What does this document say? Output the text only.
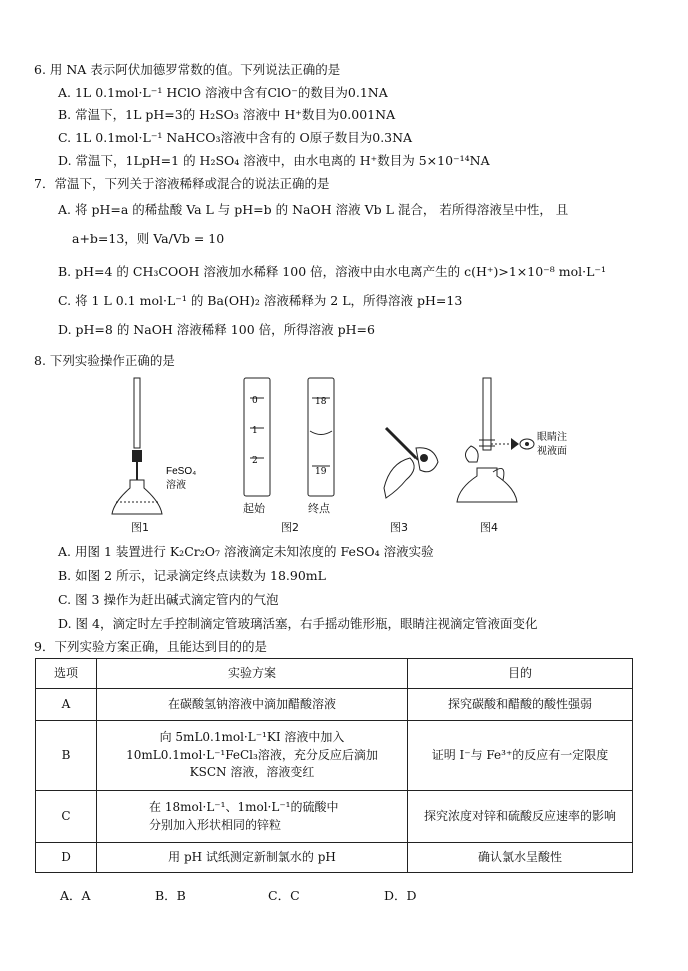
6. 用 NA 表示阿伏加德罗常数的值。下列说法正确的是
A. 1L 0.1mol·L⁻¹ HClO 溶液中含有ClO⁻的数目为0.1NA
B. 常温下，1L pH=3的 H₂SO₃ 溶液中 H⁺数目为0.001NA
C. 1L 0.1mol·L⁻¹ NaHCO₃溶液中含有的 O原子数目为0.3NA
D. 常温下，1LpH=1 的 H₂SO₄ 溶液中，由水电离的 H⁺数目为 5×10⁻¹⁴NA
7．常温下，下列关于溶液稀释或混合的说法正确的是
A. 将 pH=a 的稀盐酸 Va L 与 pH=b 的 NaOH 溶液 Vb L 混合， 若所得溶液呈中性， 且
a+b=13，则 Va/Vb = 10
B. pH=4 的 CH₃COOH 溶液加水稀释 100 倍，溶液中由水电离产生的 c(H⁺)>1×10⁻⁸ mol·L⁻¹
C. 将 1 L 0.1 mol·L⁻¹ 的 Ba(OH)₂ 溶液稀释为 2 L，所得溶液 pH=13
D. pH=8 的 NaOH 溶液稀释 100 倍，所得溶液 pH=6
8. 下列实验操作正确的是
FeSO₄
溶液
0
1
2
18
19
起始	终点
眼睛注
视液面
图1	图2	图3	图4
A. 用图 1 装置进行 K₂Cr₂O₇ 溶液滴定未知浓度的 FeSO₄ 溶液实验
B. 如图 2 所示，记录滴定终点读数为 18.90mL
C. 图 3 操作为赶出碱式滴定管内的气泡
D. 图 4，滴定时左手控制滴定管玻璃活塞，右手摇动锥形瓶，眼睛注视滴定管液面变化
9．下列实验方案正确，且能达到目的的是
选项	实验方案	目的
A	在碳酸氢钠溶液中滴加醋酸溶液	探究碳酸和醋酸的酸性强弱
B	向 5mL0.1mol·L⁻¹KI 溶液中加入
10mL0.1mol·L⁻¹FeCl₃溶液，充分反应后滴加
KSCN 溶液，溶液变红	证明 I⁻与 Fe³⁺的反应有一定限度
C	在 18mol·L⁻¹、1mol·L⁻¹的硫酸中
分别加入形状相同的锌粒	探究浓度对锌和硫酸反应速率的影响
D	用 pH 试纸测定新制氯水的 pH	确认氯水呈酸性
A．A	B．B	C．C	D．D
